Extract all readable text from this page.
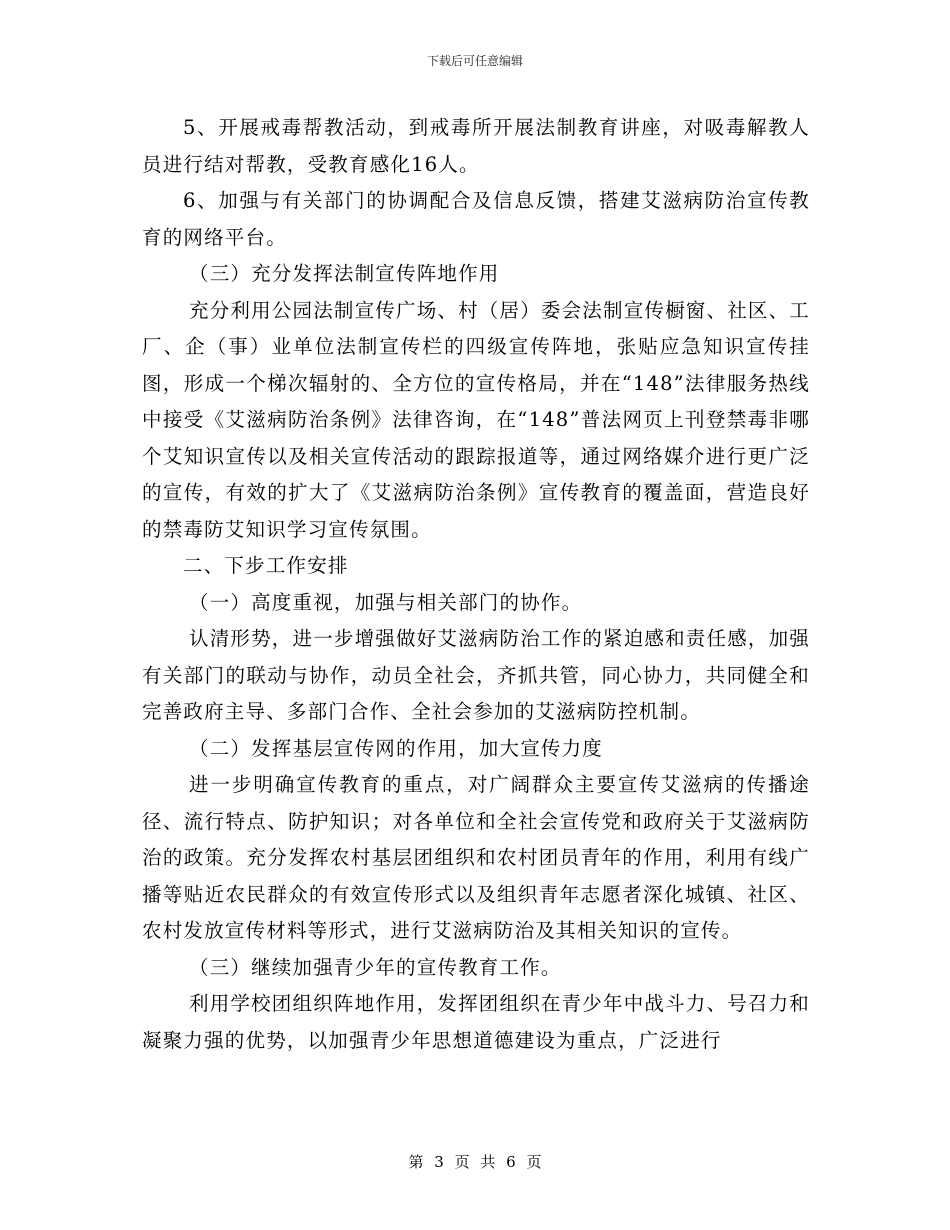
下载后可任意编辑

5、开展戒毒帮教活动，到戒毒所开展法制教育讲座，对吸毒解教人员进行结对帮教，受教育感化16人。

6、加强与有关部门的协调配合及信息反馈，搭建艾滋病防治宣传教育的网络平台。

（三）充分发挥法制宣传阵地作用

充分利用公园法制宣传广场、村（居）委会法制宣传橱窗、社区、工厂、企（事）业单位法制宣传栏的四级宣传阵地，张贴应急知识宣传挂图，形成一个梯次辐射的、全方位的宣传格局，并在“148”法律服务热线中接受《艾滋病防治条例》法律咨询，在“148”普法网页上刊登禁毒非哪个艾知识宣传以及相关宣传活动的跟踪报道等，通过网络媒介进行更广泛的宣传，有效的扩大了《艾滋病防治条例》宣传教育的覆盖面，营造良好的禁毒防艾知识学习宣传氛围。

二、下步工作安排

（一）高度重视，加强与相关部门的协作。

认清形势，进一步增强做好艾滋病防治工作的紧迫感和责任感，加强有关部门的联动与协作，动员全社会，齐抓共管，同心协力，共同健全和完善政府主导、多部门合作、全社会参加的艾滋病防控机制。

（二）发挥基层宣传网的作用，加大宣传力度

进一步明确宣传教育的重点，对广阔群众主要宣传艾滋病的传播途径、流行特点、防护知识；对各单位和全社会宣传党和政府关于艾滋病防治的政策。充分发挥农村基层团组织和农村团员青年的作用，利用有线广播等贴近农民群众的有效宣传形式以及组织青年志愿者深化城镇、社区、农村发放宣传材料等形式，进行艾滋病防治及其相关知识的宣传。

（三）继续加强青少年的宣传教育工作。

利用学校团组织阵地作用，发挥团组织在青少年中战斗力、号召力和凝聚力强的优势，以加强青少年思想道德建设为重点，广泛进行

第 3 页 共 6 页
